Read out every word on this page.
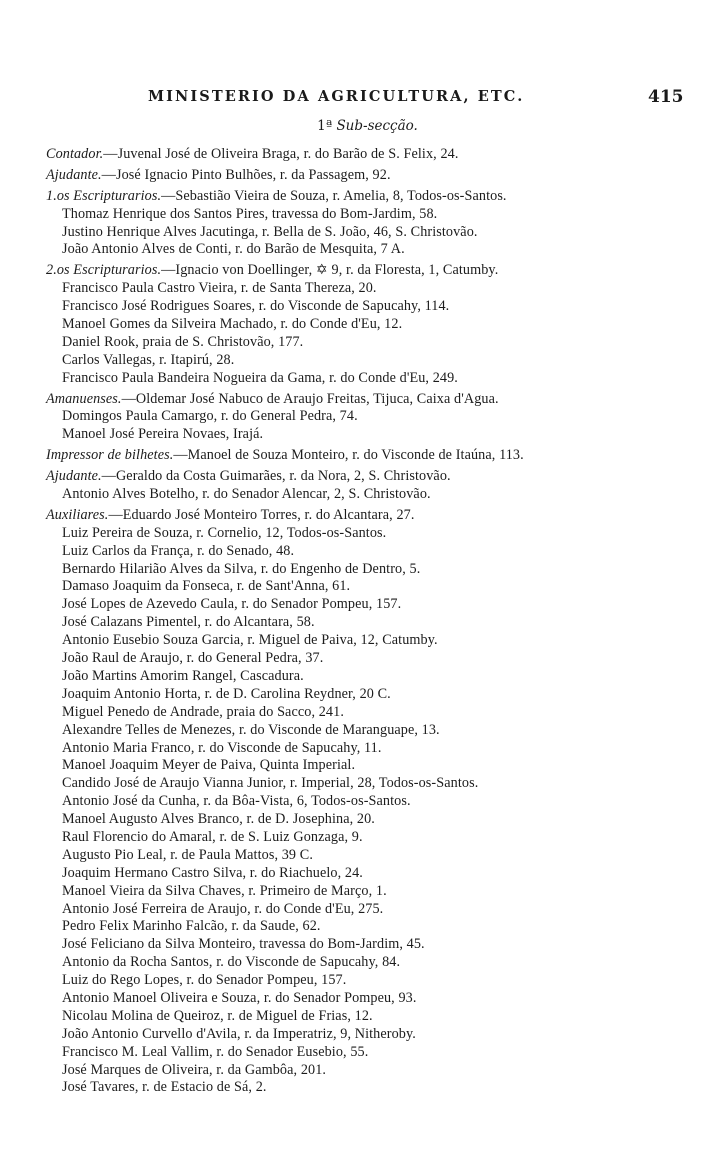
MINISTERIO DA AGRICULTURA, ETC.	415
1ª Sub-secção.
Contador.—Juvenal José de Oliveira Braga, r. do Barão de S. Felix, 24.
Ajudante.—José Ignacio Pinto Bulhões, r. da Passagem, 92.
1.os Escripturarios.—Sebastião Vieira de Souza, r. Amelia, 8, Todos-os-Santos.
Thomaz Henrique dos Santos Pires, travessa do Bom-Jardim, 58.
Justino Henrique Alves Jacutinga, r. Bella de S. João, 46, S. Christovão.
João Antonio Alves de Conti, r. do Barão de Mesquita, 7 A.
2.os Escripturarios.—Ignacio von Doellinger, ✡ 9, r. da Floresta, 1, Catumby.
Francisco Paula Castro Vieira, r. de Santa Thereza, 20.
Francisco José Rodrigues Soares, r. do Visconde de Sapucahy, 114.
Manoel Gomes da Silveira Machado, r. do Conde d'Eu, 12.
Daniel Rook, praia de S. Christovão, 177.
Carlos Vallegas, r. Itapirú, 28.
Francisco Paula Bandeira Nogueira da Gama, r. do Conde d'Eu, 249.
Amanuenses.—Oldemar José Nabuco de Araujo Freitas, Tijuca, Caixa d'Agua.
Domingos Paula Camargo, r. do General Pedra, 74.
Manoel José Pereira Novaes, Irajá.
Impressor de bilhetes.—Manoel de Souza Monteiro, r. do Visconde de Itaúna, 113.
Ajudante.—Geraldo da Costa Guimarães, r. da Nora, 2, S. Christovão.
Antonio Alves Botelho, r. do Senador Alencar, 2, S. Christovão.
Auxiliares.—Eduardo José Monteiro Torres, r. do Alcantara, 27.
Luiz Pereira de Souza, r. Cornelio, 12, Todos-os-Santos.
Luiz Carlos da França, r. do Senado, 48.
Bernardo Hilarião Alves da Silva, r. do Engenho de Dentro, 5.
Damaso Joaquim da Fonseca, r. de Sant'Anna, 61.
José Lopes de Azevedo Caula, r. do Senador Pompeu, 157.
José Calazans Pimentel, r. do Alcantara, 58.
Antonio Eusebio Souza Garcia, r. Miguel de Paiva, 12, Catumby.
João Raul de Araujo, r. do General Pedra, 37.
João Martins Amorim Rangel, Cascadura.
Joaquim Antonio Horta, r. de D. Carolina Reydner, 20 C.
Miguel Penedo de Andrade, praia do Sacco, 241.
Alexandre Telles de Menezes, r. do Visconde de Maranguape, 13.
Antonio Maria Franco, r. do Visconde de Sapucahy, 11.
Manoel Joaquim Meyer de Paiva, Quinta Imperial.
Candido José de Araujo Vianna Junior, r. Imperial, 28, Todos-os-Santos.
Antonio José da Cunha, r. da Bôa-Vista, 6, Todos-os-Santos.
Manoel Augusto Alves Branco, r. de D. Josephina, 20.
Raul Florencio do Amaral, r. de S. Luiz Gonzaga, 9.
Augusto Pio Leal, r. de Paula Mattos, 39 C.
Joaquim Hermano Castro Silva, r. do Riachuelo, 24.
Manoel Vieira da Silva Chaves, r. Primeiro de Março, 1.
Antonio José Ferreira de Araujo, r. do Conde d'Eu, 275.
Pedro Felix Marinho Falcão, r. da Saude, 62.
José Feliciano da Silva Monteiro, travessa do Bom-Jardim, 45.
Antonio da Rocha Santos, r. do Visconde de Sapucahy, 84.
Luiz do Rego Lopes, r. do Senador Pompeu, 157.
Antonio Manoel Oliveira e Souza, r. do Senador Pompeu, 93.
Nicolau Molina de Queiroz, r. de Miguel de Frias, 12.
João Antonio Curvello d'Avila, r. da Imperatriz, 9, Nitheroby.
Francisco M. Leal Vallim, r. do Senador Eusebio, 55.
José Marques de Oliveira, r. da Gambôa, 201.
José Tavares, r. de Estacio de Sá, 2.
